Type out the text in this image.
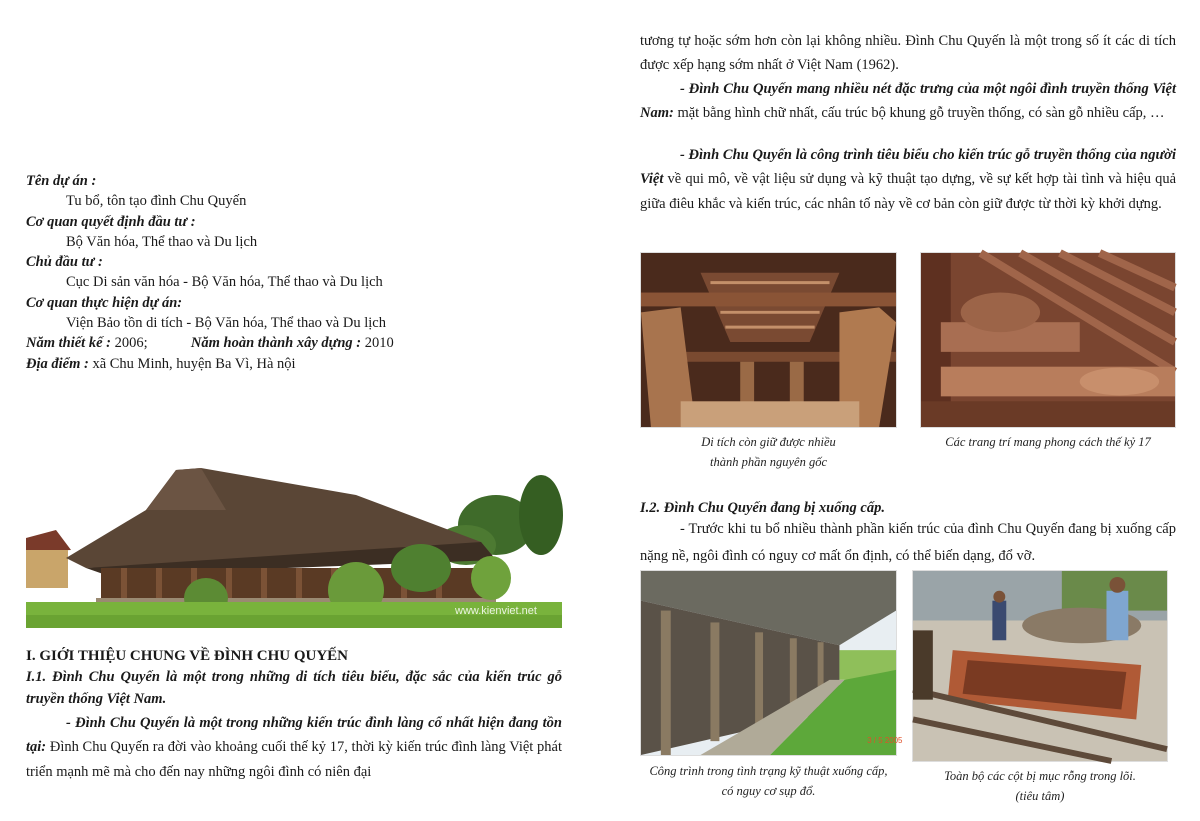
Tên dự án :
Tu bổ, tôn tạo đình Chu Quyến
Cơ quan quyết định đầu tư :
Bộ Văn hóa, Thể thao và Du lịch
Chủ đầu tư :
Cục Di sản văn hóa - Bộ Văn hóa, Thể thao và Du lịch
Cơ quan thực hiện dự án:
Viện Bảo tồn di tích - Bộ Văn hóa, Thể thao và Du lịch
Năm thiết kế : 2006;	Năm hoàn thành xây dựng : 2010
Địa điểm : xã Chu Minh, huyện Ba Vì, Hà nội
www.kienviet.net
I. GIỚI THIỆU CHUNG VỀ ĐÌNH CHU QUYẾN
I.1. Đình Chu Quyến là một trong những di tích tiêu biểu, đặc sắc của kiến trúc gỗ truyền thống Việt Nam.
- Đình Chu Quyến là một trong những kiến trúc đình làng cổ nhất hiện đang tồn tại: Đình Chu Quyến ra đời vào khoảng cuối thế kỷ 17, thời kỳ kiến trúc đình làng Việt phát triển mạnh mẽ mà cho đến nay những ngôi đình có niên đại
tương tự hoặc sớm hơn còn lại không nhiều. Đình Chu Quyến là một trong số ít các di tích được xếp hạng sớm nhất ở Việt Nam (1962).
- Đình Chu Quyến mang nhiều nét đặc trưng của một ngôi đình truyền thống Việt Nam: mặt bằng hình chữ nhất, cấu trúc bộ khung gỗ truyền thống, có sàn gỗ nhiều cấp, …
- Đình Chu Quyến là công trình tiêu biểu cho kiến trúc gỗ truyền thống của người Việt về qui mô, về vật liệu sử dụng và kỹ thuật tạo dựng, về sự kết hợp tài tình và hiệu quả giữa điêu khắc và kiến trúc, các nhân tố này về cơ bản còn giữ được từ thời kỳ khởi dựng.
Di tích còn giữ được nhiều
thành phần nguyên gốc
Các trang trí mang phong cách thế kỷ 17
I.2. Đình Chu Quyến đang bị xuống cấp.
- Trước khi tu bổ nhiều thành phần kiến trúc của đình Chu Quyến đang bị xuống cấp nặng nề, ngôi đình có nguy cơ mất ổn định, có thể biến dạng, đổ vỡ.
3 / 5 2005
Công trình trong tình trạng kỹ thuật xuống cấp,
có nguy cơ sụp đổ.
Toàn bộ các cột bị mục rỗng trong lõi.
(tiêu tâm)
